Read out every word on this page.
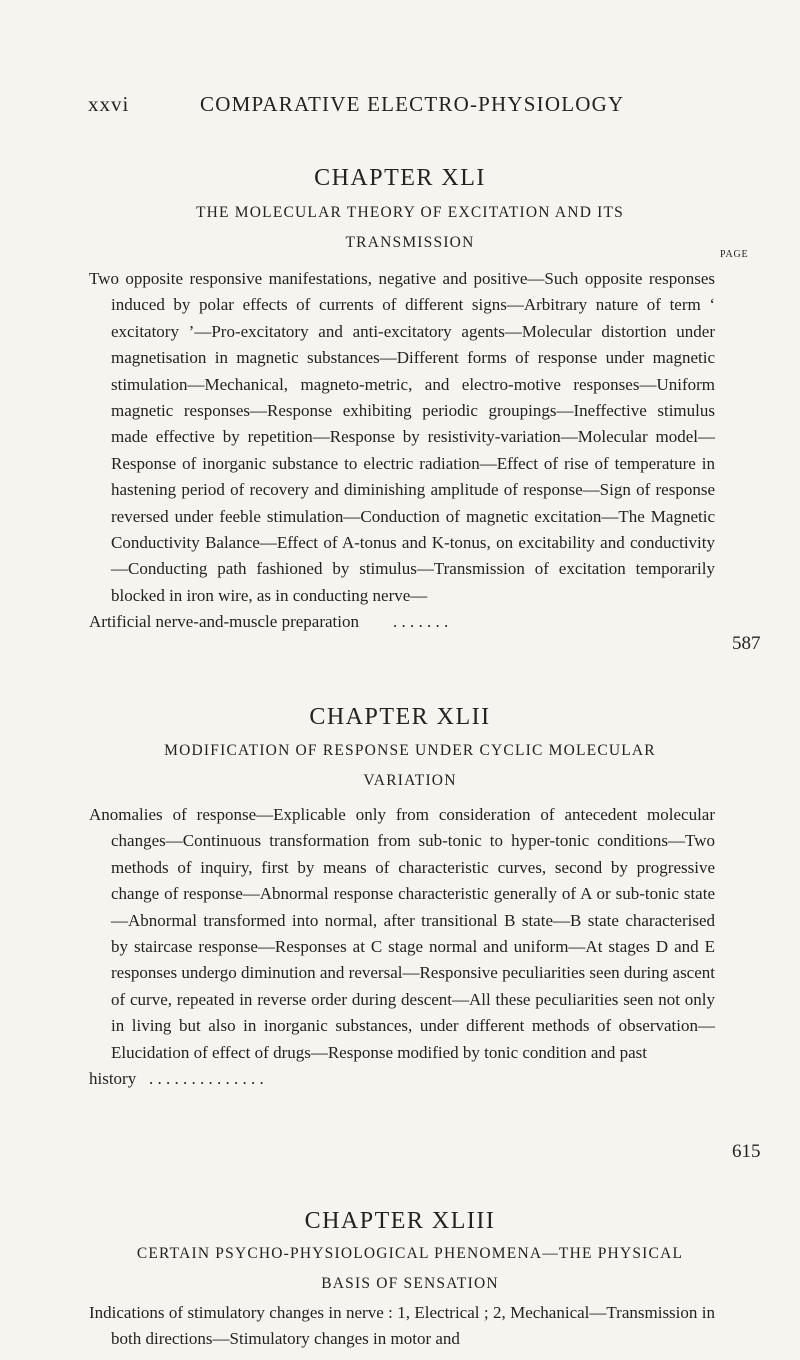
xxvi	COMPARATIVE ELECTRO-PHYSIOLOGY
CHAPTER XLI
THE MOLECULAR THEORY OF EXCITATION AND ITS
TRANSMISSION
PAGE
Two opposite responsive manifestations, negative and positive—Such opposite responses induced by polar effects of currents of different signs—Arbitrary nature of term ‘ excitatory ’—Pro-excitatory and anti-excitatory agents—Molecular distortion under magnetisation in magnetic substances—Different forms of response under magnetic stimulation—Mechanical, magneto-metric, and electro-motive responses—Uniform magnetic responses—Response exhibiting periodic groupings—Ineffective stimulus made effective by repetition—Response by resistivity-variation—Molecular model—Response of inorganic substance to electric radiation—Effect of rise of temperature in hastening period of recovery and diminishing amplitude of response—Sign of response reversed under feeble stimulation—Conduction of magnetic excitation—The Magnetic Conductivity Balance—Effect of A-tonus and K-tonus, on excitability and conductivity—Conducting path fashioned by stimulus—Transmission of excitation temporarily blocked in iron wire, as in conducting nerve—
Artificial nerve-and-muscle preparation . . . . . . .
587
CHAPTER XLII
MODIFICATION OF RESPONSE UNDER CYCLIC MOLECULAR
VARIATION
Anomalies of response—Explicable only from consideration of antecedent molecular changes—Continuous transformation from sub-tonic to hyper-tonic conditions—Two methods of inquiry, first by means of characteristic curves, second by progressive change of response—Abnormal response characteristic generally of A or sub-tonic state—Abnormal transformed into normal, after transitional B state—B state characterised by staircase response—Responses at C stage normal and uniform—At stages D and E responses undergo diminution and reversal—Responsive peculiarities seen during ascent of curve, repeated in reverse order during descent—All these peculiarities seen not only in living but also in inorganic substances, under different methods of observation—Elucidation of effect of drugs—Response modified by tonic condition and past
history . . . . . . . . . . . . . .
615
CHAPTER XLIII
CERTAIN PSYCHO-PHYSIOLOGICAL PHENOMENA—THE PHYSICAL
BASIS OF SENSATION
Indications of stimulatory changes in nerve : 1, Electrical ; 2, Mechanical—Transmission in both directions—Stimulatory changes in motor and
